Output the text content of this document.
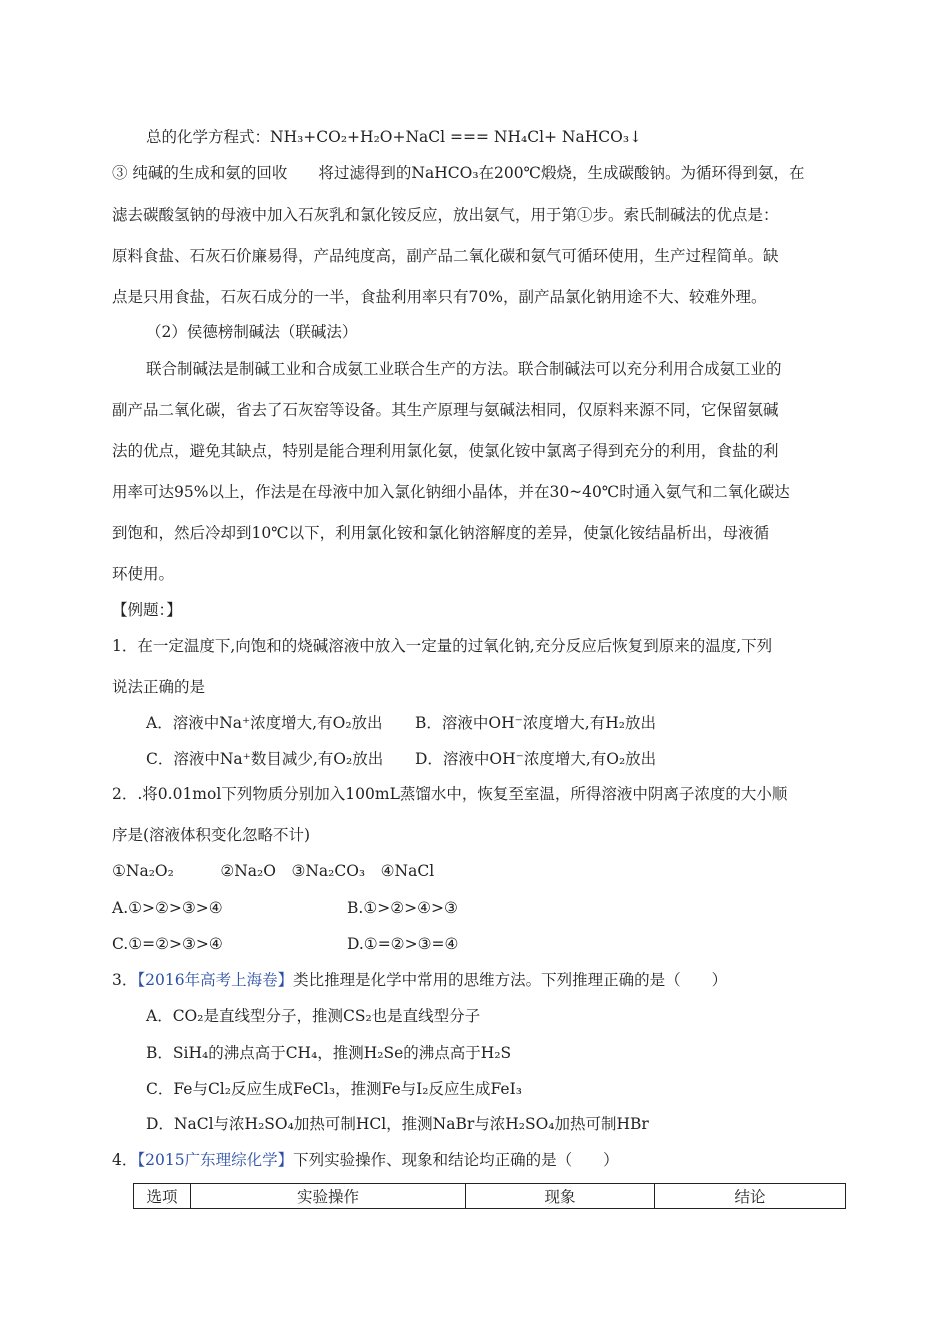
总的化学方程式：NH₃+CO₂+H₂O+NaCl === NH₄Cl+ NaHCO₃↓
③ 纯碱的生成和氨的回收　　将过滤得到的NaHCO₃在200℃煅烧，生成碳酸钠。为循环得到氨，在
滤去碳酸氢钠的母液中加入石灰乳和氯化铵反应，放出氨气，用于第①步。索氏制碱法的优点是：
原料食盐、石灰石价廉易得，产品纯度高，副产品二氧化碳和氨气可循环使用，生产过程简单。缺
点是只用食盐，石灰石成分的一半，食盐利用率只有70%，副产品氯化钠用途不大、较难外理。
（2）侯德榜制碱法（联碱法）
联合制碱法是制碱工业和合成氨工业联合生产的方法。联合制碱法可以充分利用合成氨工业的
副产品二氧化碳，省去了石灰窑等设备。其生产原理与氨碱法相同，仅原料来源不同，它保留氨碱
法的优点，避免其缺点，特别是能合理利用氯化氨，使氯化铵中氯离子得到充分的利用，食盐的利
用率可达95%以上，作法是在母液中加入氯化钠细小晶体，并在30~40℃时通入氨气和二氧化碳达
到饱和，然后冷却到10℃以下，利用氯化铵和氯化钠溶解度的差异，使氯化铵结晶析出，母液循
环使用。
【例题：】
1．在一定温度下,向饱和的烧碱溶液中放入一定量的过氧化钠,充分反应后恢复到原来的温度,下列
说法正确的是
A．溶液中Na⁺浓度增大,有O₂放出 B．溶液中OH⁻浓度增大,有H₂放出
C．溶液中Na⁺数目减少,有O₂放出 D．溶液中OH⁻浓度增大,有O₂放出
2．.将0.01mol下列物质分别加入100mL蒸馏水中，恢复至室温，所得溶液中阴离子浓度的大小顺
序是(溶液体积变化忽略不计)
①Na₂O₂　　　②Na₂O　③Na₂CO₃　④NaCl
A.①>②>③>④	B.①>②>④>③
C.①=②>③>④	D.①=②>③=④
3．【2016年高考上海卷】类比推理是化学中常用的思维方法。下列推理正确的是（　　）
A．CO₂是直线型分子，推测CS₂也是直线型分子
B．SiH₄的沸点高于CH₄，推测H₂Se的沸点高于H₂S
C．Fe与Cl₂反应生成FeCl₃，推测Fe与I₂反应生成FeI₃
D．NaCl与浓H₂SO₄加热可制HCl，推测NaBr与浓H₂SO₄加热可制HBr
4．【2015广东理综化学】下列实验操作、现象和结论均正确的是（　　）
选项	实验操作	现象	结论
